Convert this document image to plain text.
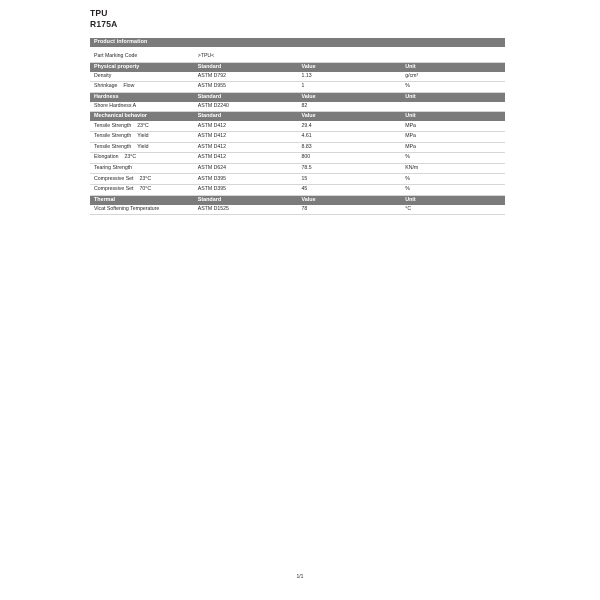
TPU
R175A
Product information			

Part Marking Code	>TPU<		
Physical property	Standard	Value	Unit
Density	ASTM D792	1.13	g/cm³
Shrinkage Flow	ASTM D955	1	%
Hardness	Standard	Value	Unit
Shore Hardness A	ASTM D2240	82	
Mechanical behavior	Standard	Value	Unit
Tensile Strength 23°C	ASTM D412	29.4	MPa
Tensile Strength Yield	ASTM D412	4.61	MPa
Tensile Strength Yield	ASTM D412	8.83	MPa
Elongation 23°C	ASTM D412	800	%
Tearing Strength	ASTM D624	78.5	KN/m
Compressive Set 23°C	ASTM D395	15	%
Compressive Set 70°C	ASTM D395	45	%
Thermal	Standard	Value	Unit
Vicat Softening Temperature	ASTM D1525	78	°C
1/1
